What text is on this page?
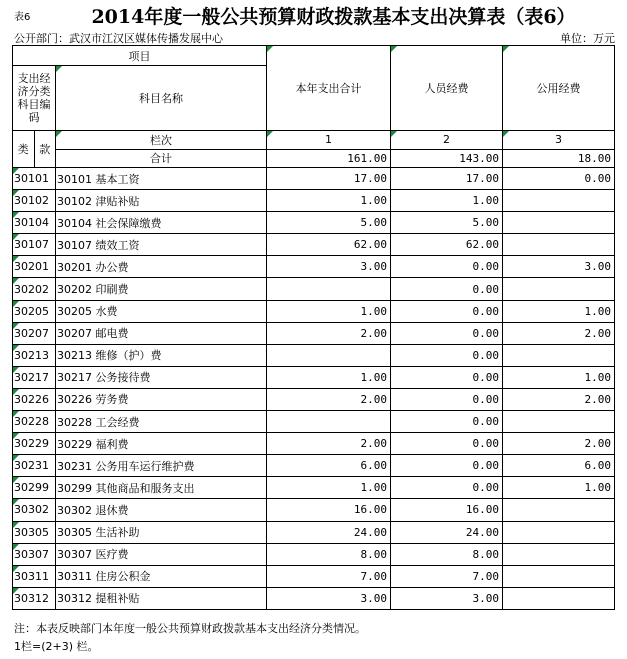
表6	2014年度一般公共预算财政拨款基本支出决算表（表6）
公开部门：武汉市江汉区媒体传播发展中心	单位：万元
项目		本年支出合计	人员经费	公用经费
支出经济分类科目编码	科目名称			

类 款	栏次	1	2	3
	合计	161.00	143.00	18.00
30101	30101 基本工资	17.00	17.00	0.00
30102	30102 津贴补贴	1.00	1.00	
30104	30104 社会保障缴费	5.00	5.00	
30107	30107 绩效工资	62.00	62.00	
30201	30201 办公费	3.00	0.00	3.00
30202	30202 印刷费		0.00	
30205	30205 水费	1.00	0.00	1.00
30207	30207 邮电费	2.00	0.00	2.00
30213	30213 维修（护）费		0.00	
30217	30217 公务接待费	1.00	0.00	1.00
30226	30226 劳务费	2.00	0.00	2.00
30228	30228 工会经费		0.00	
30229	30229 福利费	2.00	0.00	2.00
30231	30231 公务用车运行维护费	6.00	0.00	6.00
30299	30299 其他商品和服务支出	1.00	0.00	1.00
30302	30302 退休费	16.00	16.00	
30305	30305 生活补助	24.00	24.00	
30307	30307 医疗费	8.00	8.00	
30311	30311 住房公积金	7.00	7.00	
30312	30312 提租补贴	3.00	3.00	
注：本表反映部门本年度一般公共预算财政拨款基本支出经济分类情况。
1栏=(2+3) 栏。
